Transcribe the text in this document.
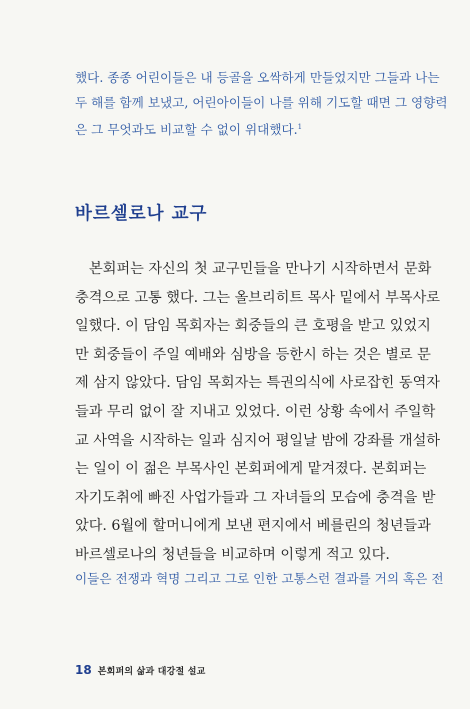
했다. 종종 어린이들은 내 등골을 오싹하게 만들었지만 그들과 나는
두 해를 함께 보냈고, 어린아이들이 나를 위해 기도할 때면 그 영향력
은 그 무엇과도 비교할 수 없이 위대했다.$^1$
바르셀로나 교구
본회퍼는 자신의 첫 교구민들을 만나기 시작하면서 문화
충격으로 고통 했다. 그는 올브리히트 목사 밑에서 부목사로
일했다. 이 담임 목회자는 회중들의 큰 호평을 받고 있었지
만 회중들이 주일 예배와 심방을 등한시 하는 것은 별로 문
제 삼지 않았다. 담임 목회자는 특권의식에 사로잡힌 동역자
들과 무리 없이 잘 지내고 있었다. 이런 상황 속에서 주일학
교 사역을 시작하는 일과 심지어 평일날 밤에 강좌를 개설하
는 일이 이 젊은 부목사인 본회퍼에게 맡겨졌다. 본회퍼는
자기도취에 빠진 사업가들과 그 자녀들의 모습에 충격을 받
았다. 6월에 할머니에게 보낸 편지에서 베를린의 청년들과
바르셀로나의 청년들을 비교하며 이렇게 적고 있다.
이들은 전쟁과 혁명 그리고 그로 인한 고통스런 결과를 거의 혹은 전
18 본회퍼의 삶과 대강절 설교
